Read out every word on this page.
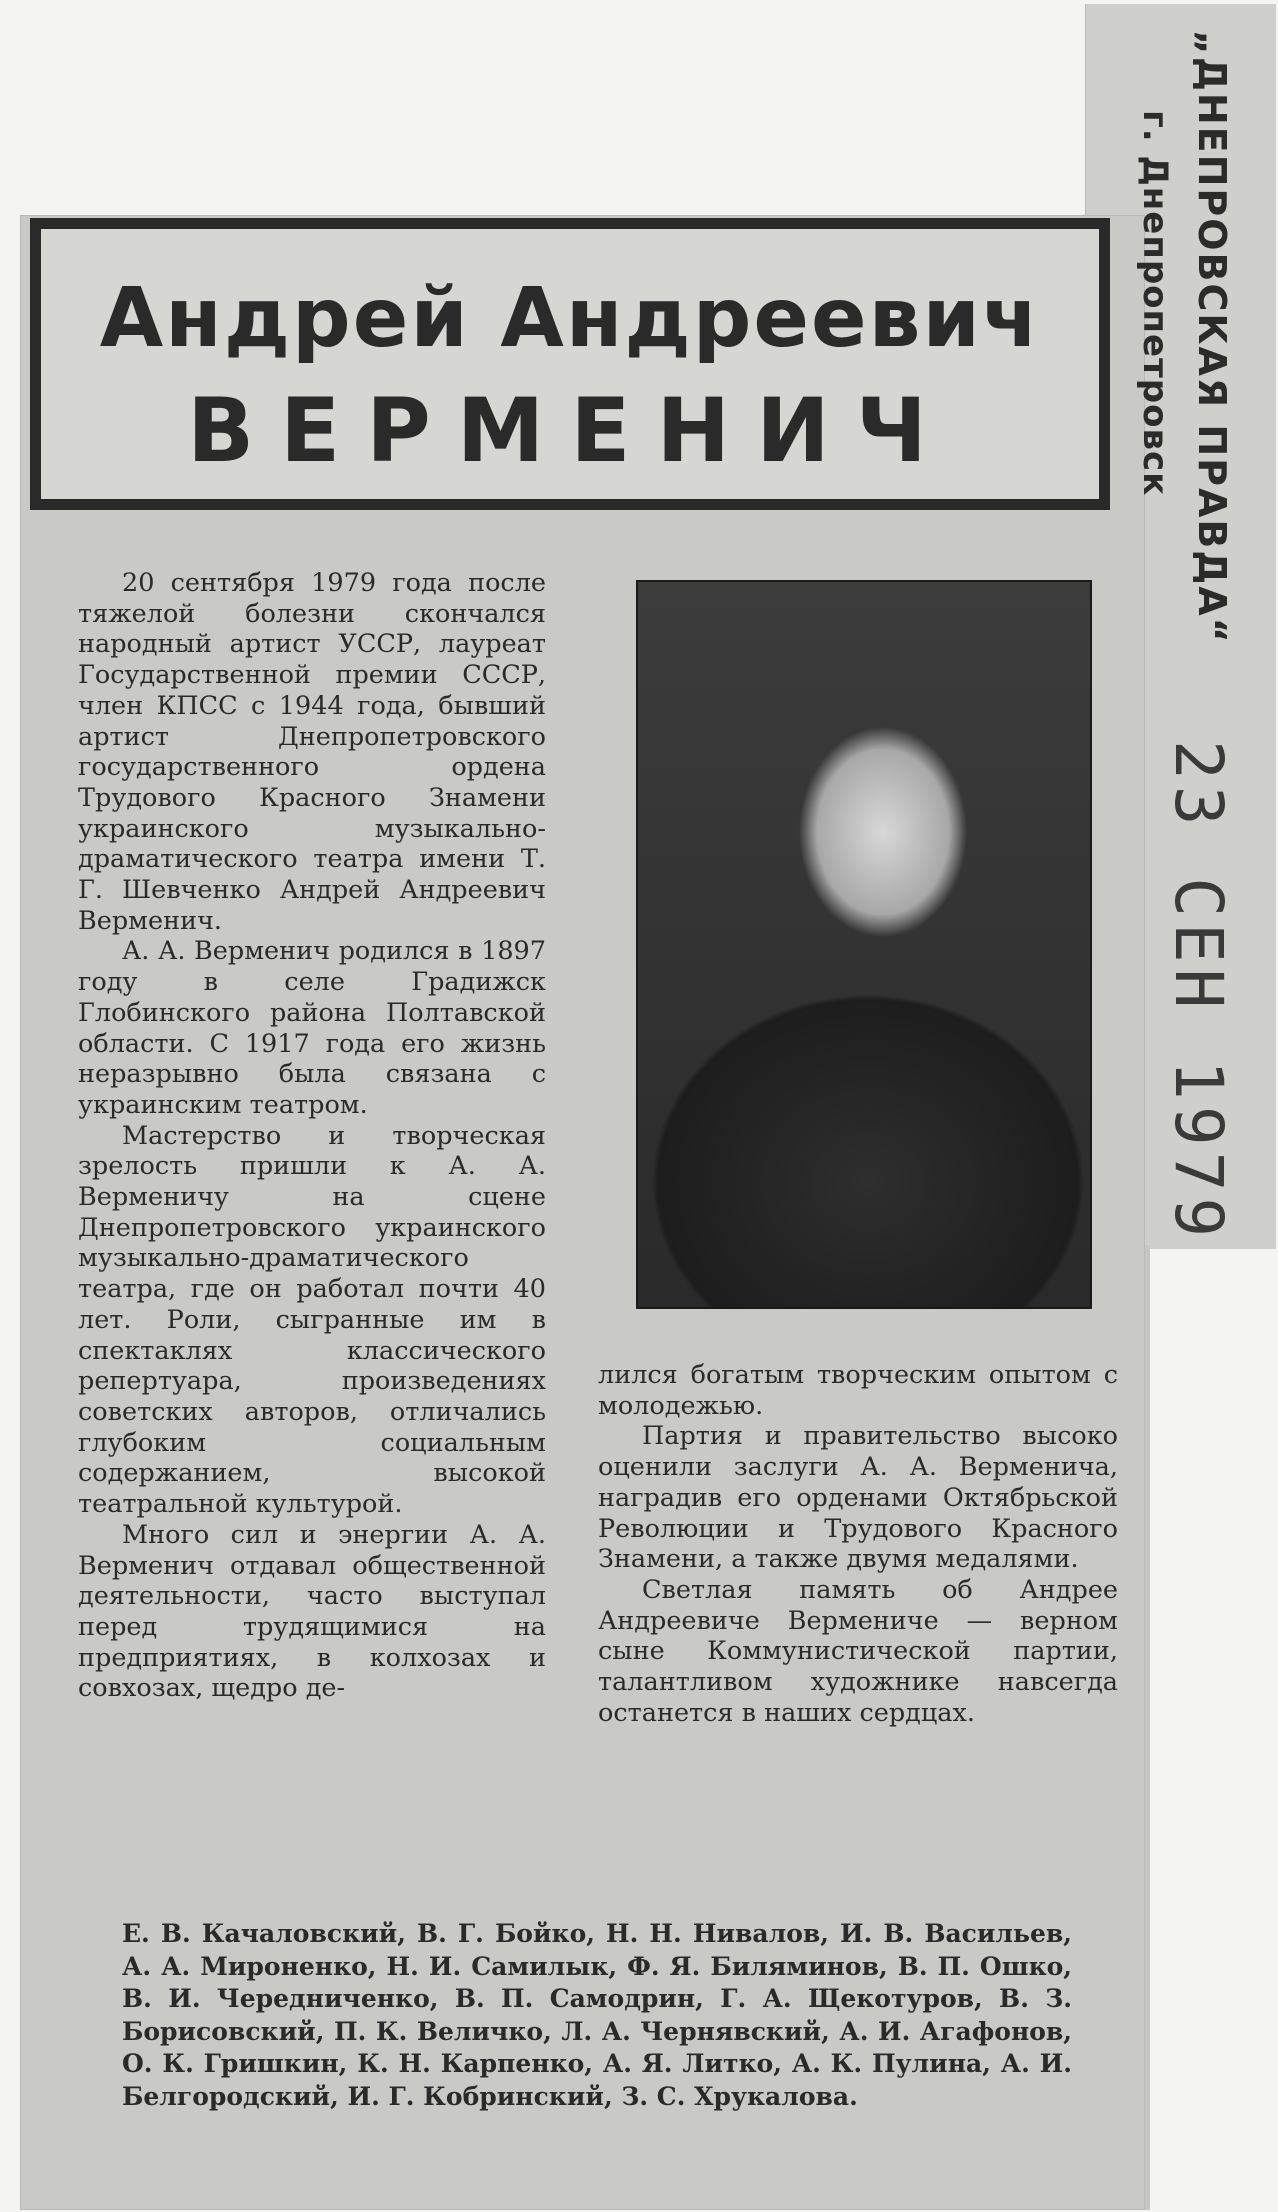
„ДНЕПРОВСКАЯ ПРАВДА“
г. Днепропетровск
23 СЕН 1979
Андрей Андреевич
ВЕРМЕНИЧ

20 сентября 1979 года после тяжелой болезни скончался народный артист УССР, лауреат Государственной премии СССР, член КПСС с 1944 года, бывший артист Днепропетровского государственного ордена Трудового Красного Знамени украинского музыкально-драматического театра имени Т. Г. Шевченко Андрей Андреевич Верменич.

А. А. Верменич родился в 1897 году в селе Градижск Глобинского района Полтавской области. С 1917 года его жизнь неразрывно была связана с украинским театром.

Мастерство и творческая зрелость пришли к А. А. Верменичу на сцене Днепропетровского украинского музыкально-драматического театра, где он работал почти 40 лет. Роли, сыгранные им в спектаклях классического репертуара, произведениях советских авторов, отличались глубоким социальным содержанием, высокой театральной культурой.

Много сил и энергии А. А. Верменич отдавал общественной деятельности, часто выступал перед трудящимися на предприятиях, в колхозах и совхозах, щедро де-

лился богатым творческим опытом с молодежью.

Партия и правительство высоко оценили заслуги А. А. Верменича, наградив его орденами Октябрьской Революции и Трудового Красного Знамени, а также двумя медалями.

Светлая память об Андрее Андреевиче Верменичe — верном сыне Коммунистической партии, талантливом художнике навсегда останется в наших сердцах.

Е. В. Качаловский, В. Г. Бойко, Н. Н. Нивалов, И. В. Васильев, А. А. Мироненко, Н. И. Самилык, Ф. Я. Биляминов, В. П. Ошко, В. И. Чередниченко, В. П. Самодрин, Г. А. Щекотуров, В. З. Борисовский, П. К. Величко, Л. А. Чернявский, А. И. Агафонов, О. К. Гришкин, К. Н. Карпенко, А. Я. Литко, А. К. Пулина, А. И. Белгородский, И. Г. Кобринский, З. С. Хрукалова.
